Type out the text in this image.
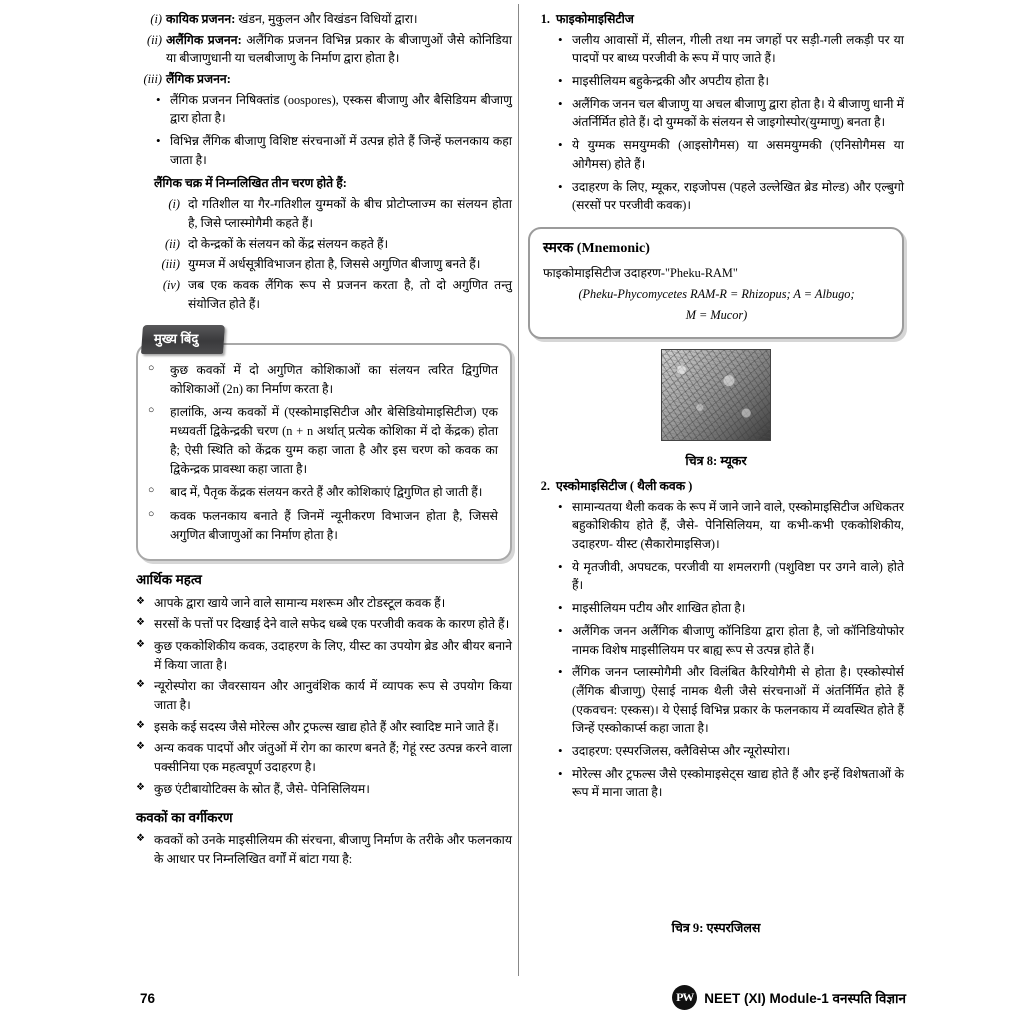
(i) कायिक प्रजनन: खंडन, मुकुलन और विखंडन विधियों द्वारा।
(ii) अलैंगिक प्रजनन: अलैंगिक प्रजनन विभिन्न प्रकार के बीजाणुओं जैसे कोनिडिया या बीजाणुधानी या चलबीजाणु के निर्माण द्वारा होता है।
(iii) लैंगिक प्रजनन:
• लैंगिक प्रजनन निषिक्तांड (oospores), एस्कस बीजाणु और बैसिडियम बीजाणु द्वारा होता है।
• विभिन्न लैंगिक बीजाणु विशिष्ट संरचनाओं में उत्पन्न होते हैं जिन्हें फलनकाय कहा जाता है।
लैंगिक चक्र में निम्नलिखित तीन चरण होते हैं:
(i) दो गतिशील या गैर-गतिशील युग्मकों के बीच प्रोटोप्लाज्म का संलयन होता है, जिसे प्लास्मोगैमी कहते हैं।
(ii) दो केन्द्रकों के संलयन को केंद्र संलयन कहते हैं।
(iii) युग्मज में अर्धसूत्रीविभाजन होता है, जिससे अगुणित बीजाणु बनते हैं।
(iv) जब एक कवक लैंगिक रूप से प्रजनन करता है, तो दो अगुणित तन्तु संयोजित होते हैं।
मुख्य बिंदु
○ कुछ कवकों में दो अगुणित कोशिकाओं का संलयन त्वरित द्विगुणित कोशिकाओं (2n) का निर्माण करता है।
○ हालांकि, अन्य कवकों में (एस्कोमाइसिटीज और बेसिडियोमाइसिटीज) एक मध्यवर्ती द्विकेन्द्रकी चरण (n + n अर्थात् प्रत्येक कोशिका में दो केंद्रक) होता है; ऐसी स्थिति को केंद्रक युग्म कहा जाता है और इस चरण को कवक का द्विकेन्द्रक प्रावस्था कहा जाता है।
○ बाद में, पैतृक केंद्रक संलयन करते हैं और कोशिकाएं द्विगुणित हो जाती हैं।
○ कवक फलनकाय बनाते हैं जिनमें न्यूनीकरण विभाजन होता है, जिससे अगुणित बीजाणुओं का निर्माण होता है।
आर्थिक महत्व
❖ आपके द्वारा खाये जाने वाले सामान्य मशरूम और टोडस्टूल कवक हैं।
❖ सरसों के पत्तों पर दिखाई देने वाले सफेद धब्बे एक परजीवी कवक के कारण होते हैं।
❖ कुछ एककोशिकीय कवक, उदाहरण के लिए, यीस्ट का उपयोग ब्रेड और बीयर बनाने में किया जाता है।
❖ न्यूरोस्पोरा का जैवरसायन और आनुवंशिक कार्य में व्यापक रूप से उपयोग किया जाता है।
❖ इसके कई सदस्य जैसे मोरेल्स और ट्रफल्स खाद्य होते हैं और स्वादिष्ट माने जाते हैं।
❖ अन्य कवक पादपों और जंतुओं में रोग का कारण बनते हैं; गेहूं रस्ट उत्पन्न करने वाला पक्सीनिया एक महत्वपूर्ण उदाहरण है।
❖ कुछ एंटीबायोटिक्स के स्रोत हैं, जैसे- पेनिसिलियम।
कवकों का वर्गीकरण
❖ कवकों को उनके माइसीलियम की संरचना, बीजाणु निर्माण के तरीके और फलनकाय के आधार पर निम्नलिखित वर्गों में बांटा गया है:
1. फाइकोमाइसिटीज
• जलीय आवासों में, सीलन, गीली तथा नम जगहों पर सड़ी-गली लकड़ी पर या पादपों पर बाध्य परजीवी के रूप में पाए जाते हैं।
• माइसीलियम बहुकेन्द्रकी और अपटीय होता है।
• अलैंगिक जनन चल बीजाणु या अचल बीजाणु द्वारा होता है। ये बीजाणु धानी में अंतर्निर्मित होते हैं। दो युग्मकों के संलयन से जाइगोस्पोर(युग्माणु) बनता है।
• ये युग्मक समयुग्मकी (आइसोगैमस) या असमयुग्मकी (एनिसोगैमस या ओगैमस) होते हैं।
• उदाहरण के लिए, म्यूकर, राइजोपस (पहले उल्लेखित ब्रेड मोल्ड) और एल्बुगो (सरसों पर परजीवी कवक)।
स्मरक (Mnemonic)
फाइकोमाइसिटीज उदाहरण-"Pheku-RAM"
(Pheku-Phycomycetes RAM-R = Rhizopus; A = Albugo;
M = Mucor)
चित्र 8: म्यूकर
2. एस्कोमाइसिटीज ( थैली कवक )
• सामान्यतया थैली कवक के रूप में जाने जाने वाले, एस्कोमाइसिटीज अधिकतर बहुकोशिकीय होते हैं, जैसे- पेनिसिलियम, या कभी-कभी एककोशिकीय, उदाहरण- यीस्ट (सैकारोमाइसिज)।
• ये मृतजीवी, अपघटक, परजीवी या शमलरागी (पशुविष्टा पर उगने वाले) होते हैं।
• माइसीलियम पटीय और शाखित होता है।
• अलैंगिक जनन अलैंगिक बीजाणु कॉनिडिया द्वारा होता है, जो कॉनिडियोफोर नामक विशेष माइसीलियम पर बाह्य रूप से उत्पन्न होते हैं।
• लैंगिक जनन प्लास्मोगैमी और विलंबित कैरियोगैमी से होता है। एस्कोस्पोर्स (लैंगिक बीजाणु) ऐसाई नामक थैली जैसे संरचनाओं में अंतर्निर्मित होते हैं (एकवचन: एस्कस)। ये ऐसाई विभिन्न प्रकार के फलनकाय में व्यवस्थित होते हैं जिन्हें एस्कोकार्प्स कहा जाता है।
• उदाहरण: एस्परजिलस, क्लैविसेप्स और न्यूरोस्पोरा।
• मोरेल्स और ट्रफल्स जैसे एस्कोमाइसेट्स खाद्य होते हैं और इन्हें विशेषताओं के रूप में माना जाता है।
चित्र 9: एस्परजिलस
76	PW NEET (XI) Module-1 वनस्पति विज्ञान
